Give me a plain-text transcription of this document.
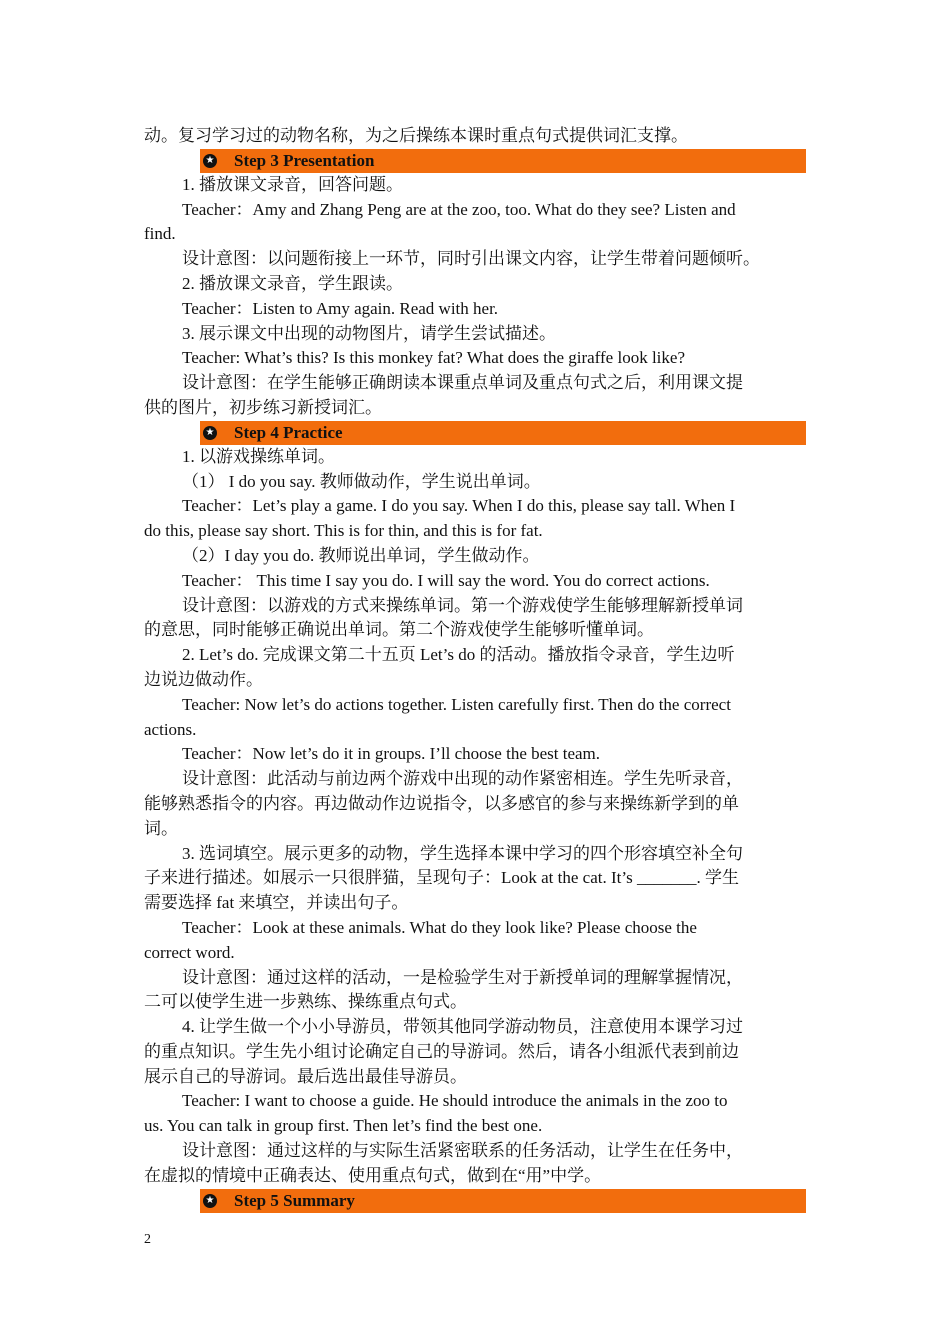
动。复习学习过的动物名称，为之后操练本课时重点句式提供词汇支撑。
★ Step 3 Presentation
1. 播放课文录音，回答问题。
Teacher：Amy and Zhang Peng are at the zoo, too. What do they see? Listen and
find.
设计意图：以问题衔接上一环节，同时引出课文内容，让学生带着问题倾听。
2. 播放课文录音，学生跟读。
Teacher：Listen to Amy again. Read with her.
3. 展示课文中出现的动物图片，请学生尝试描述。
Teacher: What’s this? Is this monkey fat? What does the giraffe look like?
设计意图：在学生能够正确朗读本课重点单词及重点句式之后，利用课文提
供的图片，初步练习新授词汇。
★ Step 4 Practice
1. 以游戏操练单词。
（1） I do you say. 教师做动作，学生说出单词。
Teacher：Let’s play a game. I do you say. When I do this, please say tall. When I
do this, please say short. This is for thin, and this is for fat.
（2）I day you do. 教师说出单词，学生做动作。
Teacher： This time I say you do. I will say the word. You do correct actions.
设计意图：以游戏的方式来操练单词。第一个游戏使学生能够理解新授单词
的意思，同时能够正确说出单词。第二个游戏使学生能够听懂单词。
2. Let’s do. 完成课文第二十五页 Let’s do 的活动。播放指令录音，学生边听
边说边做动作。
Teacher: Now let’s do actions together. Listen carefully first. Then do the correct
actions.
Teacher：Now let’s do it in groups. I’ll choose the best team.
设计意图：此活动与前边两个游戏中出现的动作紧密相连。学生先听录音，
能够熟悉指令的内容。再边做动作边说指令，以多感官的参与来操练新学到的单
词。
3. 选词填空。展示更多的动物，学生选择本课中学习的四个形容填空补全句
子来进行描述。如展示一只很胖猫，呈现句子：Look at the cat. It’s _______. 学生
需要选择 fat 来填空，并读出句子。
Teacher：Look at these animals. What do they look like? Please choose the
correct word.
设计意图：通过这样的活动，一是检验学生对于新授单词的理解掌握情况，
二可以使学生进一步熟练、操练重点句式。
4. 让学生做一个小小导游员，带领其他同学游动物员，注意使用本课学习过
的重点知识。学生先小组讨论确定自己的导游词。然后，请各小组派代表到前边
展示自己的导游词。最后选出最佳导游员。
Teacher: I want to choose a guide. He should introduce the animals in the zoo to
us. You can talk in group first. Then let’s find the best one.
设计意图：通过这样的与实际生活紧密联系的任务活动，让学生在任务中，
在虚拟的情境中正确表达、使用重点句式，做到在“用”中学。
★ Step 5 Summary
2
